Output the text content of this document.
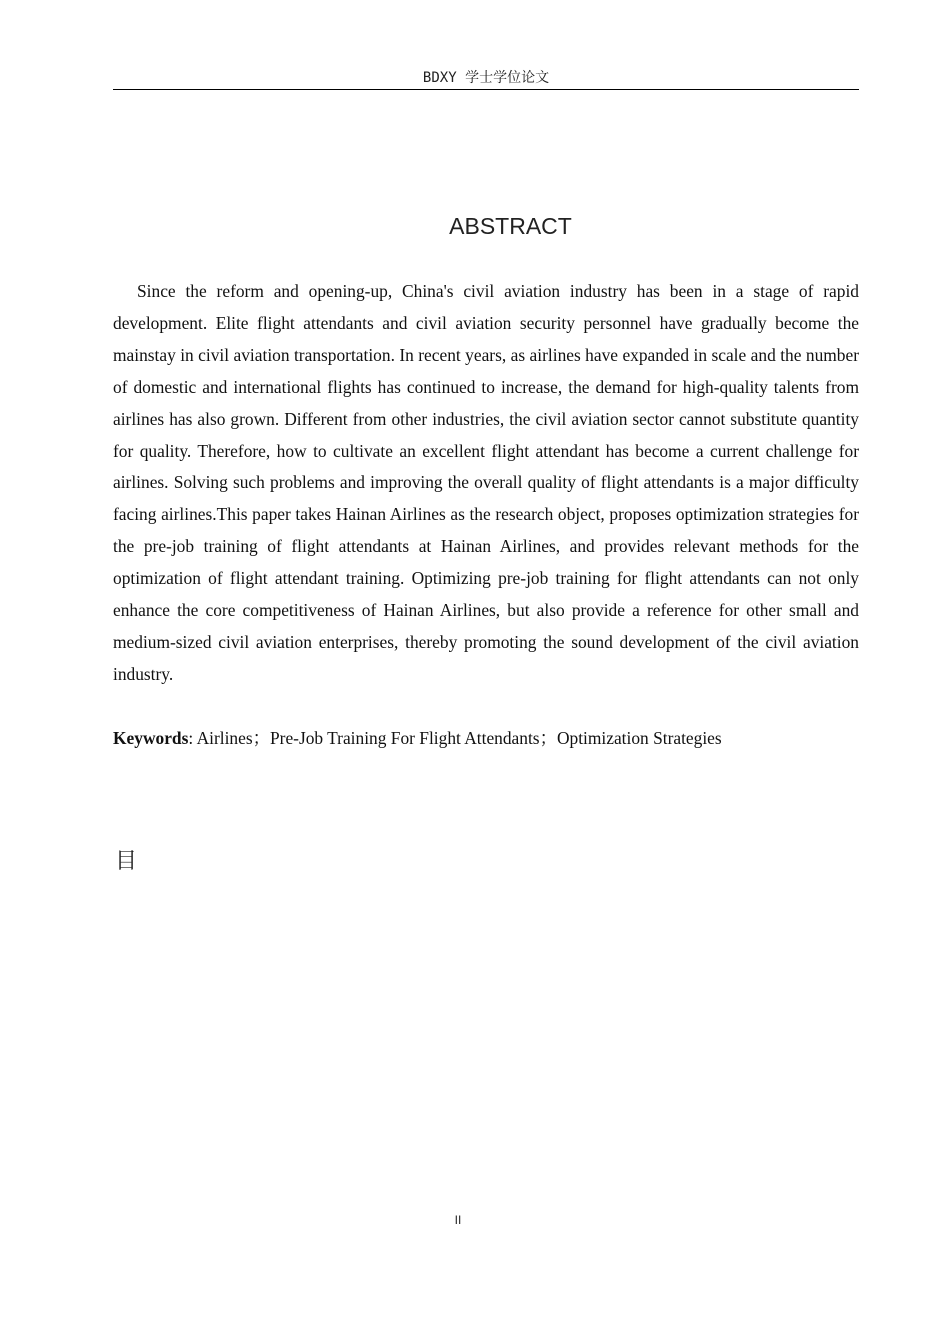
BDXY 学士学位论文
ABSTRACT

Since the reform and opening-up, China's civil aviation industry has been in a stage of rapid development. Elite flight attendants and civil aviation security personnel have gradually become the mainstay in civil aviation transportation. In recent years, as airlines have expanded in scale and the number of domestic and international flights has continued to increase, the demand for high-quality talents from airlines has also grown. Different from other industries, the civil aviation sector cannot substitute quantity for quality. Therefore, how to cultivate an excellent flight attendant has become a current challenge for airlines. Solving such problems and improving the overall quality of flight attendants is a major difficulty facing airlines.This paper takes Hainan Airlines as the research object, proposes optimization strategies for the pre-job training of flight attendants at Hainan Airlines, and provides relevant methods for the optimization of flight attendant training. Optimizing pre-job training for flight attendants can not only enhance the core competitiveness of Hainan Airlines, but also provide a reference for other small and medium-sized civil aviation enterprises, thereby promoting the sound development of the civil aviation industry.

Keywords: Airlines；Pre-Job Training For Flight Attendants；Optimization Strategies

目
II
